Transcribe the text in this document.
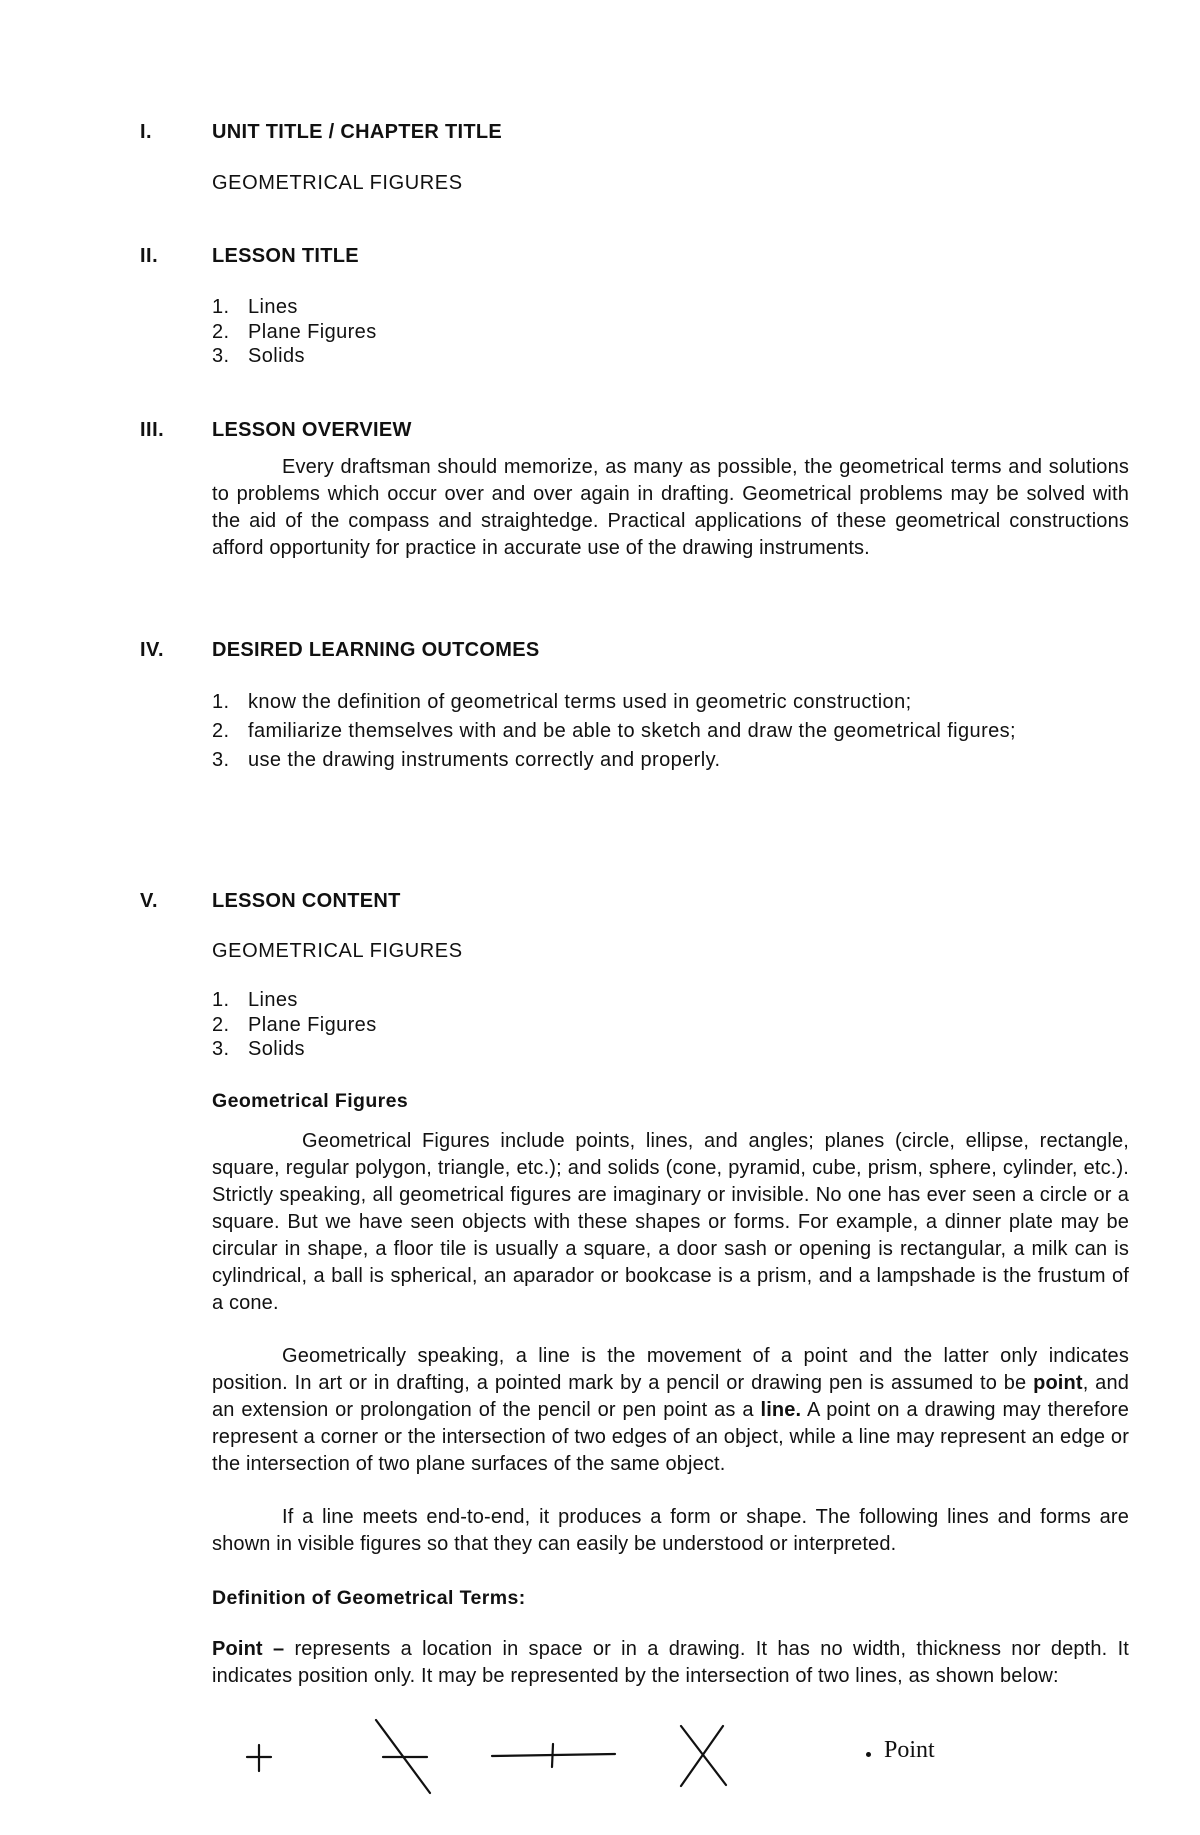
I.	UNIT TITLE / CHAPTER TITLE
GEOMETRICAL FIGURES
II.	LESSON TITLE
1. Lines
2. Plane Figures
3. Solids
III.	LESSON OVERVIEW
Every draftsman should memorize, as many as possible, the geometrical terms and solutions to problems which occur over and over again in drafting. Geometrical problems may be solved with the aid of the compass and straightedge. Practical applications of these geometrical constructions afford opportunity for practice in accurate use of the drawing instruments.
IV.	DESIRED LEARNING OUTCOMES
1. know the definition of geometrical terms used in geometric construction;
2. familiarize themselves with and be able to sketch and draw the geometrical figures;
3. use the drawing instruments correctly and properly.
V.	LESSON CONTENT
GEOMETRICAL FIGURES
1. Lines
2. Plane Figures
3. Solids
Geometrical Figures
Geometrical Figures include points, lines, and angles; planes (circle, ellipse, rectangle, square, regular polygon, triangle, etc.); and solids (cone, pyramid, cube, prism, sphere, cylinder, etc.). Strictly speaking, all geometrical figures are imaginary or invisible. No one has ever seen a circle or a square. But we have seen objects with these shapes or forms. For example, a dinner plate may be circular in shape, a floor tile is usually a square, a door sash or opening is rectangular, a milk can is cylindrical, a ball is spherical, an aparador or bookcase is a prism, and a lampshade is the frustum of a cone.
Geometrically speaking, a line is the movement of a point and the latter only indicates position. In art or in drafting, a pointed mark by a pencil or drawing pen is assumed to be point, and an extension or prolongation of the pencil or pen point as a line. A point on a drawing may therefore represent a corner or the intersection of two edges of an object, while a line may represent an edge or the intersection of two plane surfaces of the same object.
If a line meets end-to-end, it produces a form or shape. The following lines and forms are shown in visible figures so that they can easily be understood or interpreted.
Definition of Geometrical Terms:
Point – represents a location in space or in a drawing. It has no width, thickness nor depth. It indicates position only. It may be represented by the intersection of two lines, as shown below:
Point
